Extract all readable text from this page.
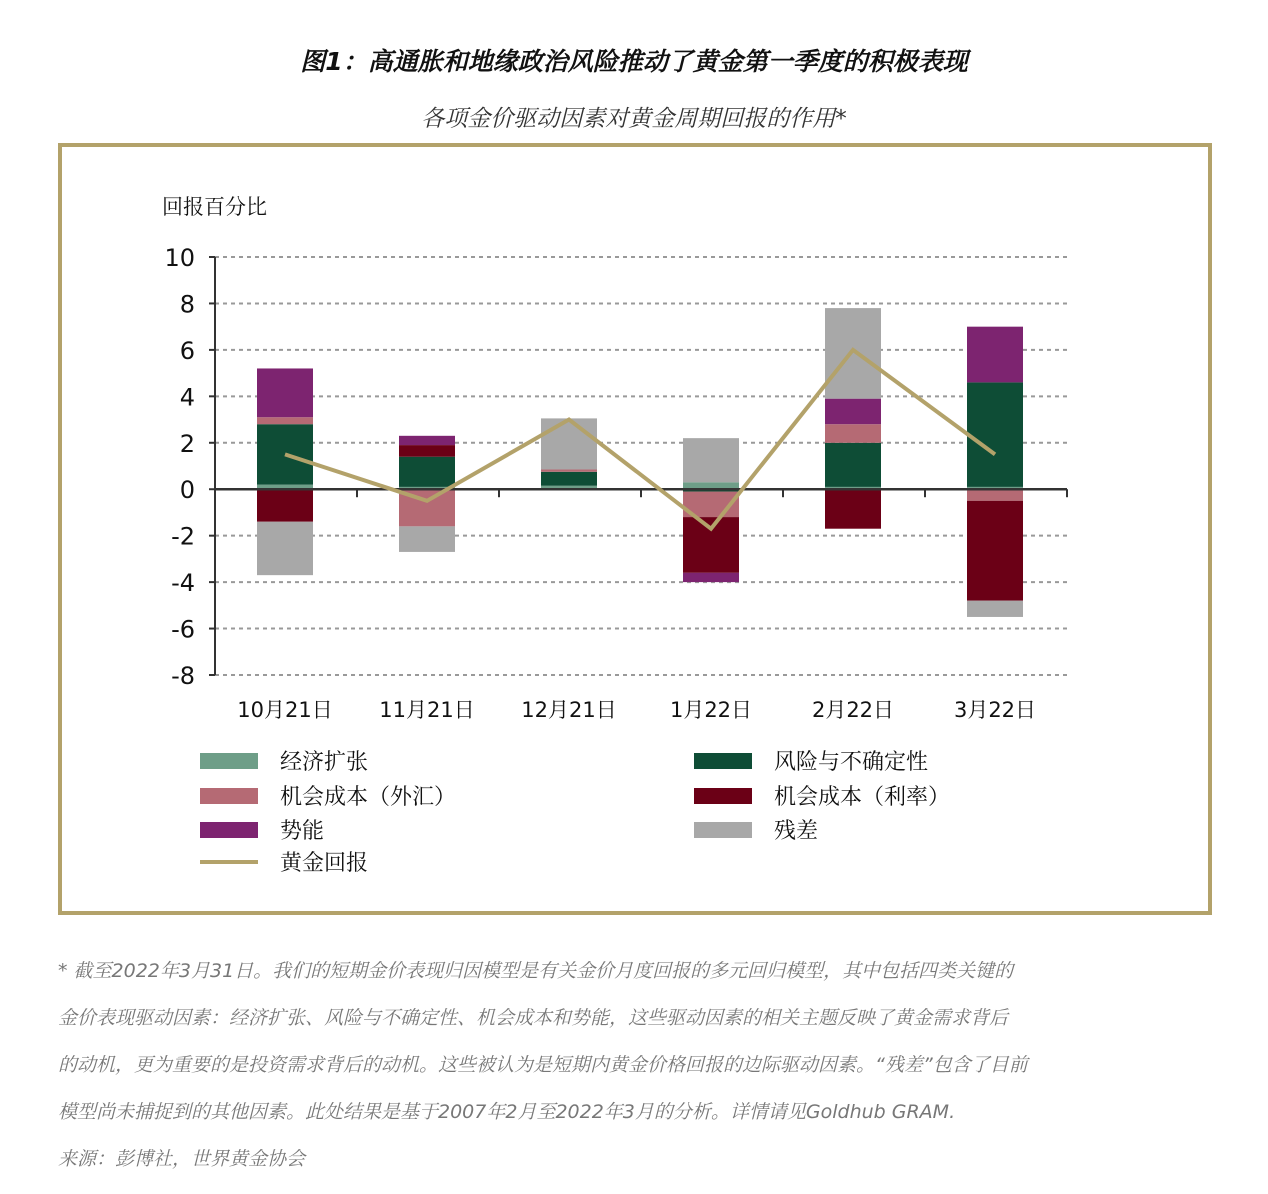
图1：高通胀和地缘政治风险推动了黄金第一季度的积极表现
各项金价驱动因素对黄金周期回报的作用*
回报百分比
10
8
6
4
2
0
-2
-4
-6
-8
10月21日 11月21日 12月21日	1月22日	2月22日	3月22日
经济扩张	风险与不确定性
机会成本（外汇）	机会成本（利率）
势能	残差
黄金回报

* 截至2022年3月31日。我们的短期金价表现归因模型是有关金价月度回报的多元回归模型，其中包括四类关键的

金价表现驱动因素：经济扩张、风险与不确定性、机会成本和势能，这些驱动因素的相关主题反映了黄金需求背后

的动机，更为重要的是投资需求背后的动机。这些被认为是短期内黄金价格回报的边际驱动因素。“残差”包含了目前

模型尚未捕捉到的其他因素。此处结果是基于2007年2月至2022年3月的分析。详情请见Goldhub GRAM.

来源：彭博社，世界黄金协会
